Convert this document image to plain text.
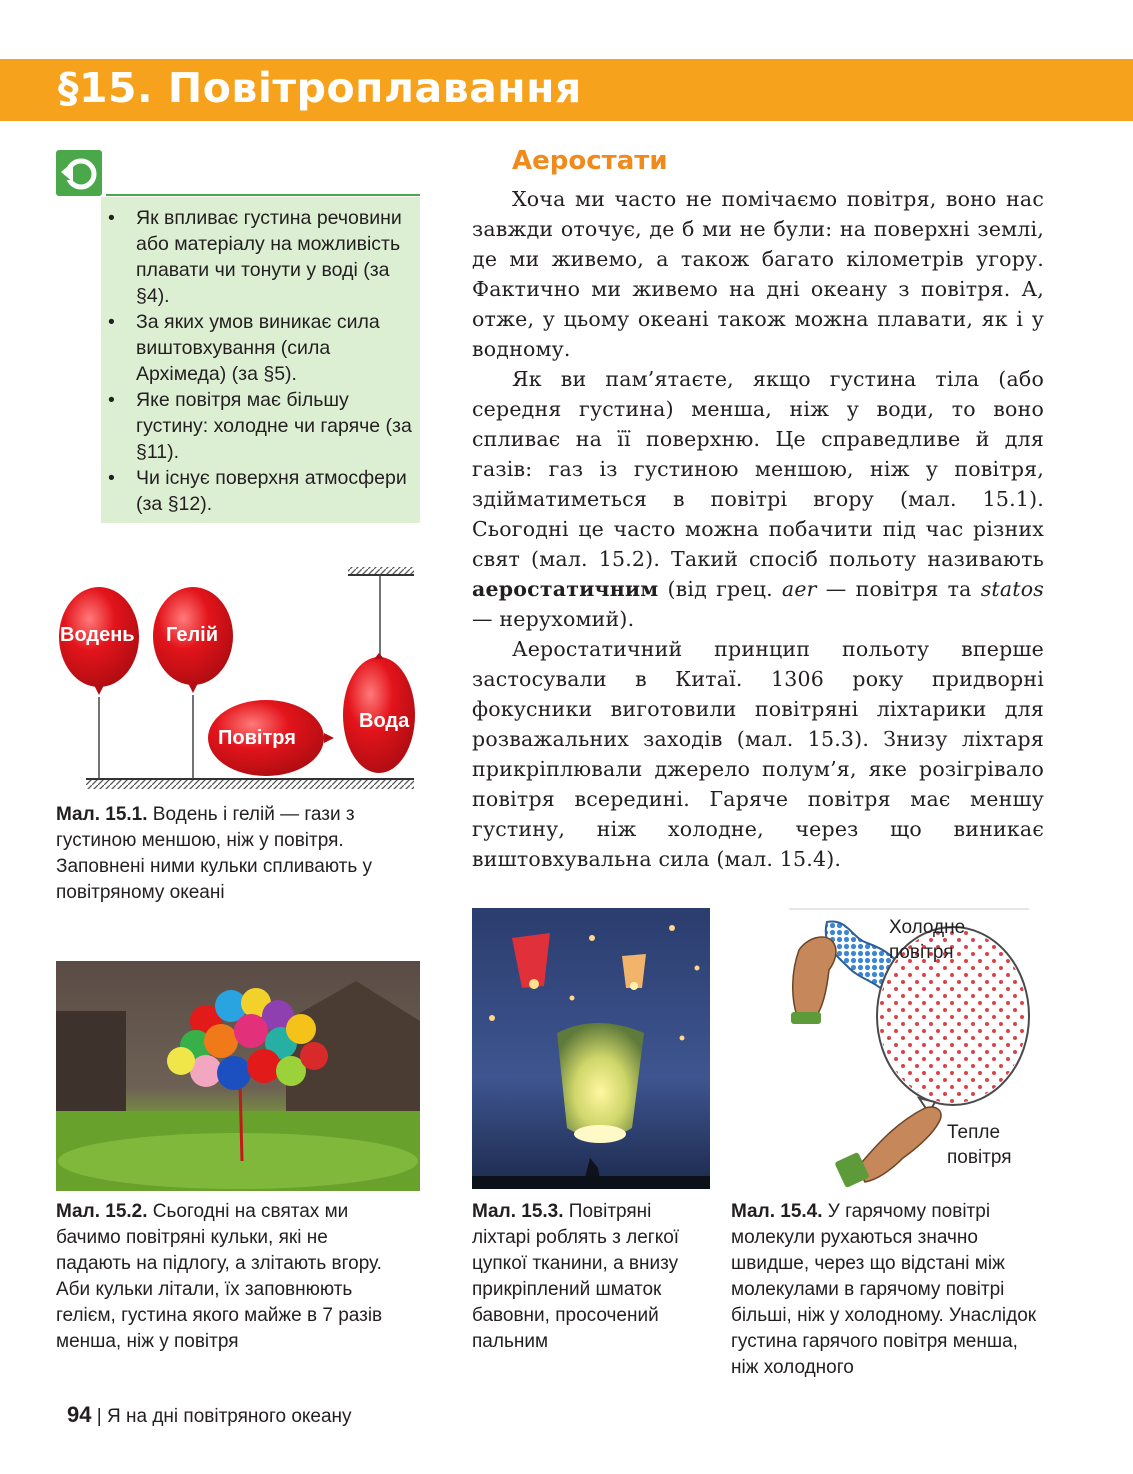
§15. Повітроплавання
• Як впливає густина речовини або матеріалу на можливість плавати чи тонути у воді (за §4).
• За яких умов виникає сила виштовхування (сила Архімеда) (за §5).
• Яке повітря має більшу густину: холодне чи гаряче (за §11).
• Чи існує поверхня атмосфери (за §12).
Аеростати

Хоча ми часто не помічаємо повітря, воно нас завжди оточує, де б ми не були: на поверхні землі, де ми живемо, а також багато кілометрів угору. Фактично ми живемо на дні океану з повітря. А, отже, у цьому океані також можна плавати, як і у водному.

Як ви пам’ятаєте, якщо густина тіла (або середня густина) менша, ніж у води, то воно спливає на її поверхню. Це справедливе й для газів: газ із густиною меншою, ніж у повітря, здійматиметься в повітрі вгору (мал. 15.1). Сьогодні це часто можна побачити під час різних свят (мал. 15.2). Такий спосіб польоту називають аеростатичним (від грец. aer — повітря та statos — нерухомий).

Аеростатичний принцип польоту вперше застосували в Китаї. 1306 року придворні фокусники виготовили повітряні ліхтарики для розважальних заходів (мал. 15.3). Знизу ліхтаря прикріплювали джерело полум’я, яке розігрівало повітря всередині. Гаряче повітря має меншу густину, ніж холодне, через що виникає виштовхувальна сила (мал. 15.4).

Водень Гелій
Повітря
Вода
Мал. 15.1. Водень і гелій — гази з густиною меншою, ніж у повітря. Заповнені ними кульки спливають у повітряному океані
Мал. 15.2. Сьогодні на святах ми бачимо повітряні кульки, які не падають на підлогу, а злітають вгору. Аби кульки літали, їх заповнюють гелієм, густина якого майже в 7 разів менша, ніж у повітря
Мал. 15.3. Повітряні ліхтарі роблять з легкої цупкої тканини, а внизу прикріплений шматок бавовни, просочений пальним
Холодне
повітря
Тепле
повітря
Мал. 15.4. У гарячому повітрі молекули рухаються значно швидше, через що відстані між молекулами в гарячому повітрі більші, ніж у холодному. Унаслідок густина гарячого повітря менша, ніж холодного
94 | Я на дні повітряного океану
